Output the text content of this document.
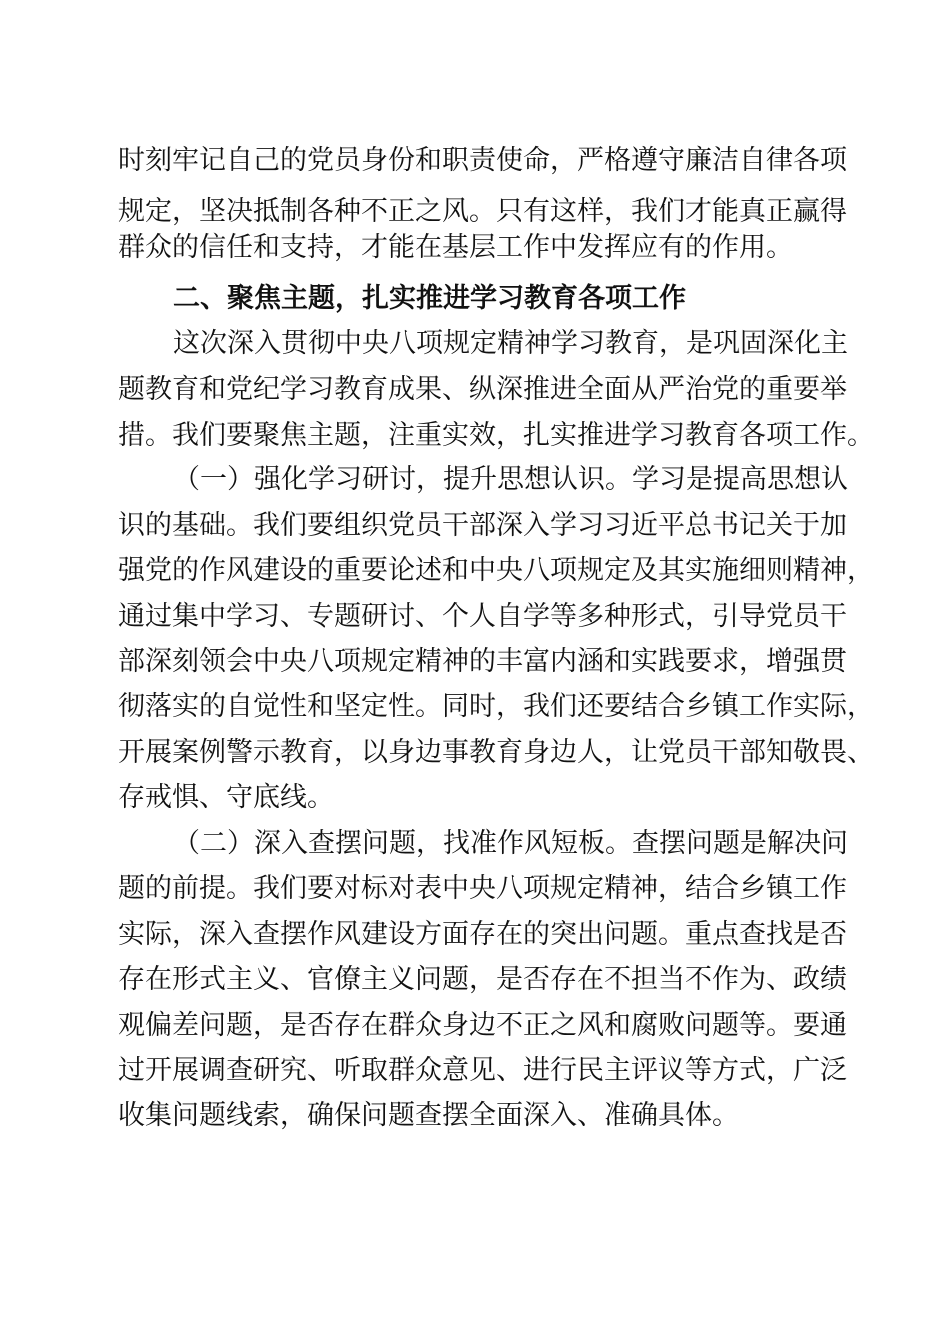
时刻牢记自己的党员身份和职责使命，严格遵守廉洁自律各项
规定，坚决抵制各种不正之风。只有这样，我们才能真正赢得
群众的信任和支持，才能在基层工作中发挥应有的作用。
二、聚焦主题，扎实推进学习教育各项工作
这次深入贯彻中央八项规定精神学习教育，是巩固深化主
题教育和党纪学习教育成果、纵深推进全面从严治党的重要举
措。我们要聚焦主题，注重实效，扎实推进学习教育各项工作。
（一）强化学习研讨，提升思想认识。学习是提高思想认
识的基础。我们要组织党员干部深入学习习近平总书记关于加
强党的作风建设的重要论述和中央八项规定及其实施细则精神，
通过集中学习、专题研讨、个人自学等多种形式，引导党员干
部深刻领会中央八项规定精神的丰富内涵和实践要求，增强贯
彻落实的自觉性和坚定性。同时，我们还要结合乡镇工作实际，
开展案例警示教育，以身边事教育身边人，让党员干部知敬畏、
存戒惧、守底线。
（二）深入查摆问题，找准作风短板。查摆问题是解决问
题的前提。我们要对标对表中央八项规定精神，结合乡镇工作
实际，深入查摆作风建设方面存在的突出问题。重点查找是否
存在形式主义、官僚主义问题，是否存在不担当不作为、政绩
观偏差问题，是否存在群众身边不正之风和腐败问题等。要通
过开展调查研究、听取群众意见、进行民主评议等方式，广泛
收集问题线索，确保问题查摆全面深入、准确具体。
